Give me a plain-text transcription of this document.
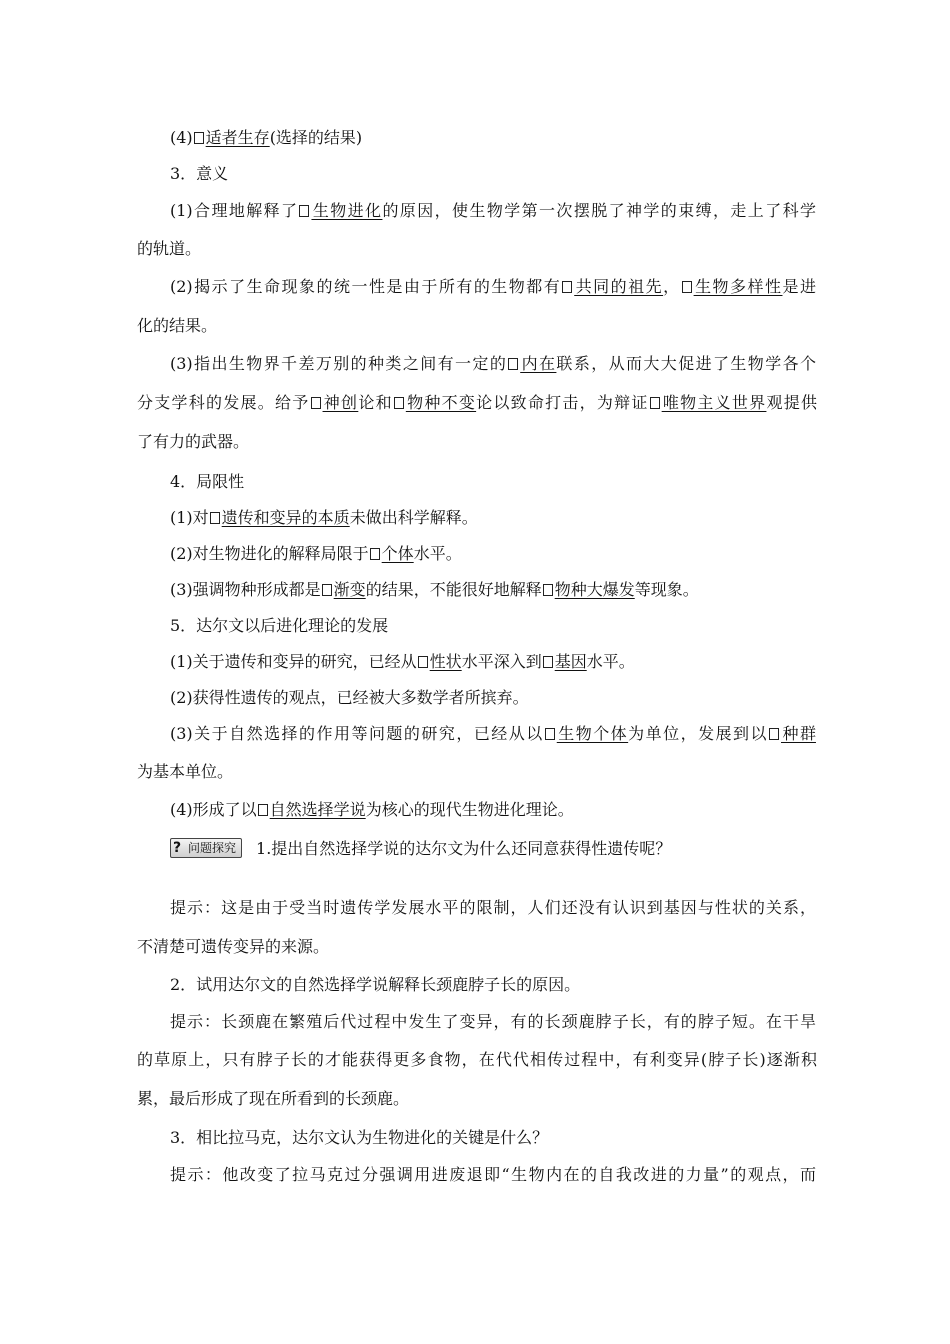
(4) 适者生存(选择的结果)
3．意义
(1)合理地解释了 生物进化的原因，使生物学第一次摆脱了神学的束缚，走上了科学
的轨道。
(2)揭示了生命现象的统一性是由于所有的生物都有 共同的祖先， 生物多样性是进
化的结果。
(3)指出生物界千差万别的种类之间有一定的 内在联系，从而大大促进了生物学各个
分支学科的发展。给予 神创论和 物种不变论以致命打击，为辩证 唯物主义世界观提供
了有力的武器。
4．局限性
(1)对 遗传和变异的本质未做出科学解释。
(2)对生物进化的解释局限于 个体水平。
(3)强调物种形成都是 渐变的结果，不能很好地解释 物种大爆发等现象。
5．达尔文以后进化理论的发展
(1)关于遗传和变异的研究，已经从 性状水平深入到 基因水平。
(2)获得性遗传的观点，已经被大多数学者所摈弃。
(3)关于自然选择的作用等问题的研究，已经从以 生物个体为单位，发展到以 种群
为基本单位。
(4)形成了以 自然选择学说为核心的现代生物进化理论。
? 问题探究 1.提出自然选择学说的达尔文为什么还同意获得性遗传呢？
提示：这是由于受当时遗传学发展水平的限制，人们还没有认识到基因与性状的关系，
不清楚可遗传变异的来源。
2．试用达尔文的自然选择学说解释长颈鹿脖子长的原因。
提示：长颈鹿在繁殖后代过程中发生了变异，有的长颈鹿脖子长，有的脖子短。在干旱
的草原上，只有脖子长的才能获得更多食物，在代代相传过程中，有利变异(脖子长)逐渐积
累，最后形成了现在所看到的长颈鹿。
3．相比拉马克，达尔文认为生物进化的关键是什么？
提示：他改变了拉马克过分强调用进废退即“生物内在的自我改进的力量”的观点，而
